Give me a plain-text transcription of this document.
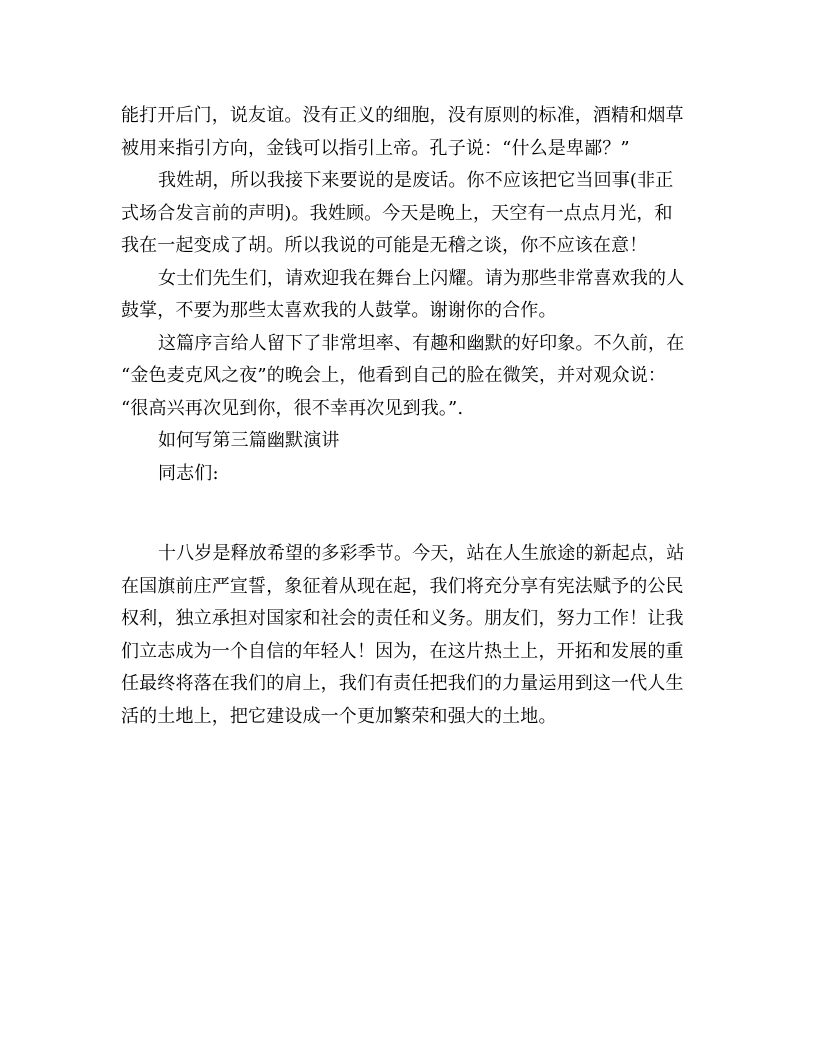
能打开后门，说友谊。没有正义的细胞，没有原则的标准，酒精和烟草
被用来指引方向，金钱可以指引上帝。孔子说：“什么是卑鄙？”
我姓胡，所以我接下来要说的是废话。你不应该把它当回事(非正
式场合发言前的声明)。我姓顾。今天是晚上，天空有一点点月光，和
我在一起变成了胡。所以我说的可能是无稽之谈，你不应该在意！
女士们先生们，请欢迎我在舞台上闪耀。请为那些非常喜欢我的人
鼓掌，不要为那些太喜欢我的人鼓掌。谢谢你的合作。
这篇序言给人留下了非常坦率、有趣和幽默的好印象。不久前，在
“金色麦克风之夜”的晚会上，他看到自己的脸在微笑，并对观众说：
“很高兴再次见到你，很不幸再次见到我。”.
如何写第三篇幽默演讲
同志们:
十八岁是释放希望的多彩季节。今天，站在人生旅途的新起点，站
在国旗前庄严宣誓，象征着从现在起，我们将充分享有宪法赋予的公民
权利，独立承担对国家和社会的责任和义务。朋友们，努力工作！让我
们立志成为一个自信的年轻人！因为，在这片热土上，开拓和发展的重
任最终将落在我们的肩上，我们有责任把我们的力量运用到这一代人生
活的土地上，把它建设成一个更加繁荣和强大的土地。
